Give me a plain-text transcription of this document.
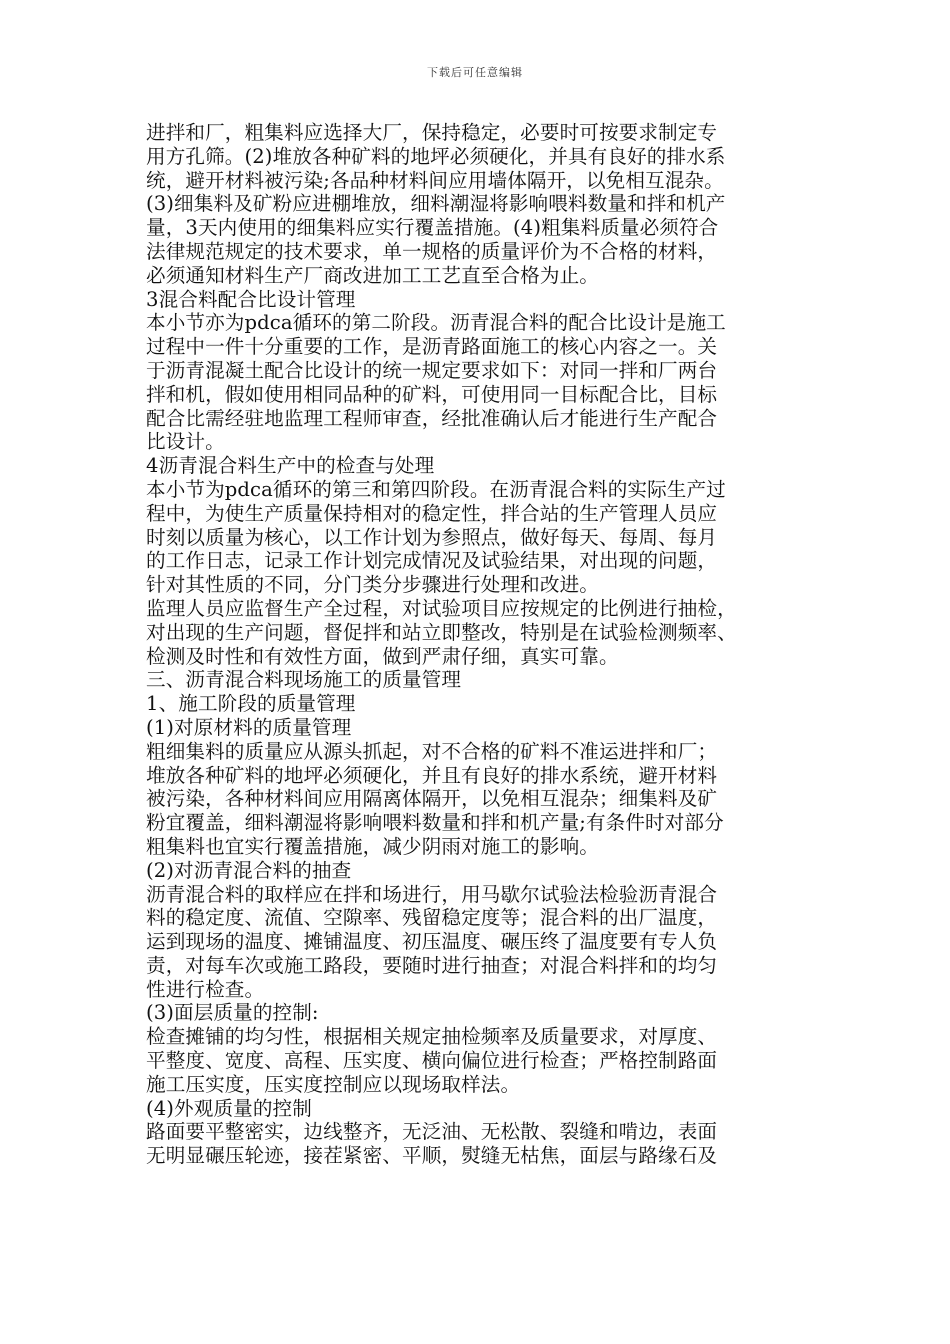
下载后可任意编辑
进拌和厂，粗集料应选择大厂，保持稳定，必要时可按要求制定专
用方孔筛。(2)堆放各种矿料的地坪必须硬化，并具有良好的排水系
统，避开材料被污染;各品种材料间应用墙体隔开，以免相互混杂。
(3)细集料及矿粉应进棚堆放，细料潮湿将影响喂料数量和拌和机产
量，3天内使用的细集料应实行覆盖措施。(4)粗集料质量必须符合
法律规范规定的技术要求，单一规格的质量评价为不合格的材料，
必须通知材料生产厂商改进加工工艺直至合格为止。
3混合料配合比设计管理
本小节亦为pdca循环的第二阶段。沥青混合料的配合比设计是施工
过程中一件十分重要的工作，是沥青路面施工的核心内容之一。关
于沥青混凝土配合比设计的统一规定要求如下：对同一拌和厂两台
拌和机，假如使用相同品种的矿料，可使用同一目标配合比，目标
配合比需经驻地监理工程师审查，经批准确认后才能进行生产配合
比设计。
4沥青混合料生产中的检查与处理
本小节为pdca循环的第三和第四阶段。在沥青混合料的实际生产过
程中，为使生产质量保持相对的稳定性，拌合站的生产管理人员应
时刻以质量为核心，以工作计划为参照点，做好每天、每周、每月
的工作日志，记录工作计划完成情况及试验结果，对出现的问题，
针对其性质的不同，分门类分步骤进行处理和改进。
监理人员应监督生产全过程，对试验项目应按规定的比例进行抽检，
对出现的生产问题，督促拌和站立即整改，特别是在试验检测频率、
检测及时性和有效性方面，做到严肃仔细，真实可靠。
三、沥青混合料现场施工的质量管理
1、施工阶段的质量管理
(1)对原材料的质量管理
粗细集料的质量应从源头抓起，对不合格的矿料不准运进拌和厂；
堆放各种矿料的地坪必须硬化，并且有良好的排水系统，避开材料
被污染，各种材料间应用隔离体隔开，以免相互混杂；细集料及矿
粉宜覆盖，细料潮湿将影响喂料数量和拌和机产量;有条件时对部分
粗集料也宜实行覆盖措施，减少阴雨对施工的影响。
(2)对沥青混合料的抽查
沥青混合料的取样应在拌和场进行，用马歇尔试验法检验沥青混合
料的稳定度、流值、空隙率、残留稳定度等；混合料的出厂温度，
运到现场的温度、摊铺温度、初压温度、碾压终了温度要有专人负
责，对每车次或施工路段，要随时进行抽查；对混合料拌和的均匀
性进行检查。
(3)面层质量的控制:
检查摊铺的均匀性，根据相关规定抽检频率及质量要求，对厚度、
平整度、宽度、高程、压实度、横向偏位进行检查；严格控制路面
施工压实度，压实度控制应以现场取样法。
(4)外观质量的控制
路面要平整密实，边线整齐，无泛油、无松散、裂缝和啃边，表面
无明显碾压轮迹，接茬紧密、平顺，熨缝无枯焦，面层与路缘石及
